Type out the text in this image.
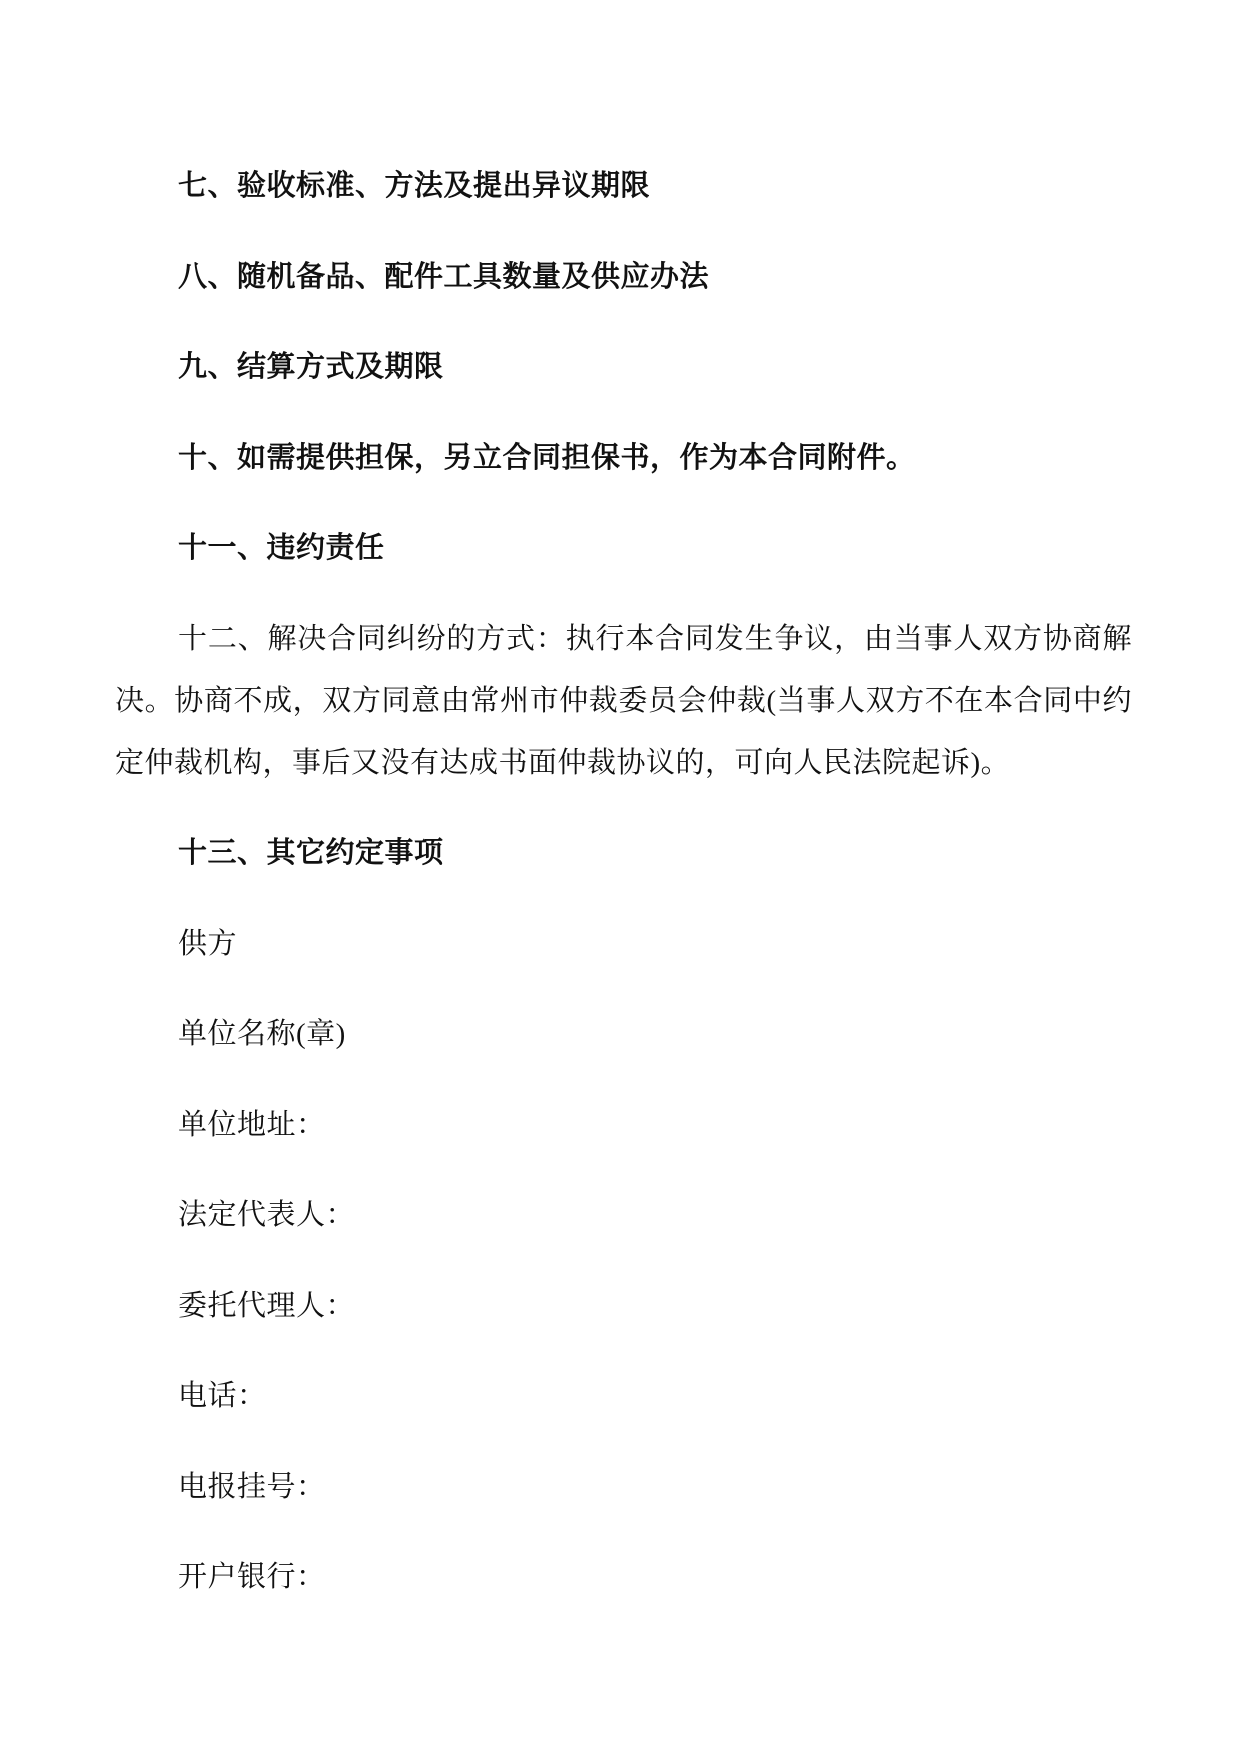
七、验收标准、方法及提出异议期限

八、随机备品、配件工具数量及供应办法

九、结算方式及期限

十、如需提供担保，另立合同担保书，作为本合同附件。

十一、违约责任

十二、解决合同纠纷的方式：执行本合同发生争议，由当事人双方协商解决。协商不成，双方同意由常州市仲裁委员会仲裁(当事人双方不在本合同中约定仲裁机构，事后又没有达成书面仲裁协议的，可向人民法院起诉)。

十三、其它约定事项

供方

单位名称(章)

单位地址：

法定代表人：

委托代理人：

电话：

电报挂号：

开户银行：
